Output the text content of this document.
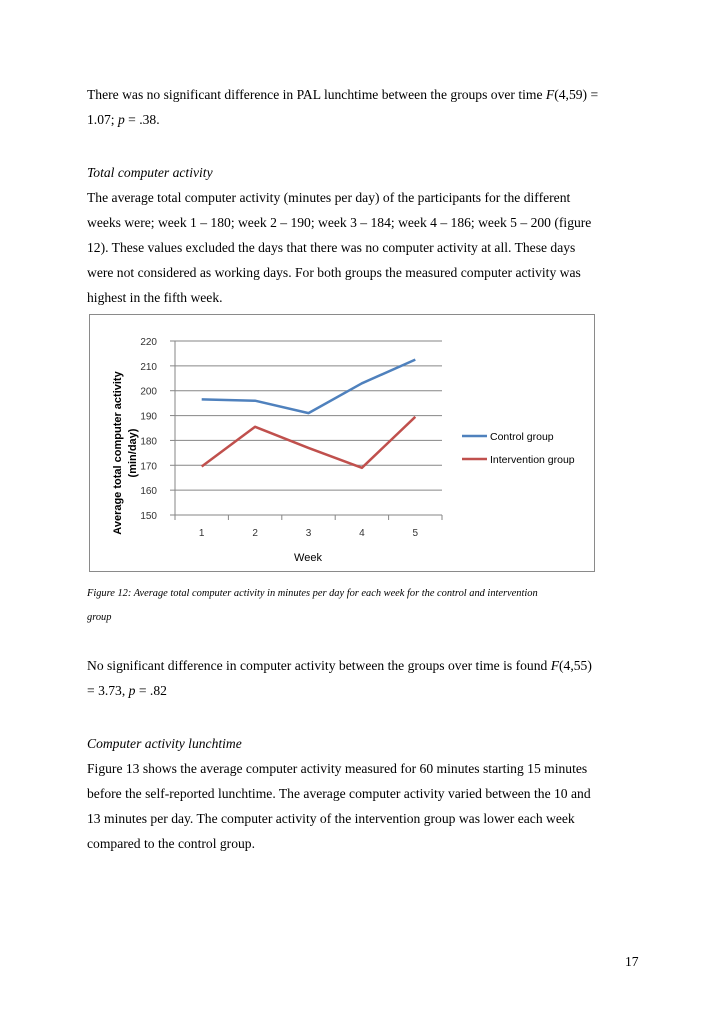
There was no significant difference in PAL lunchtime between the groups over time F(4,59) =
1.07; p = .38.

Total computer activity
The average total computer activity (minutes per day) of the participants for the different
weeks were; week 1 – 180; week 2 – 190; week 3 – 184; week 4 – 186; week 5 – 200 (figure
12). These values excluded the days that there was no computer activity at all. These days
were not considered as working days. For both groups the measured computer activity was
highest in the fifth week.

150
160
170
180
190
200
210
220
1	2	3	4	5
Control group
Intervention group
Week
Average total computer activity (min/day)

Figure 12: Average total computer activity in minutes per day for each week for the control and intervention
group

No significant difference in computer activity between the groups over time is found F(4,55)
= 3.73, p = .82

Computer activity lunchtime
Figure 13 shows the average computer activity measured for 60 minutes starting 15 minutes
before the self-reported lunchtime. The average computer activity varied between the 10 and
13 minutes per day. The computer activity of the intervention group was lower each week
compared to the control group.

17
